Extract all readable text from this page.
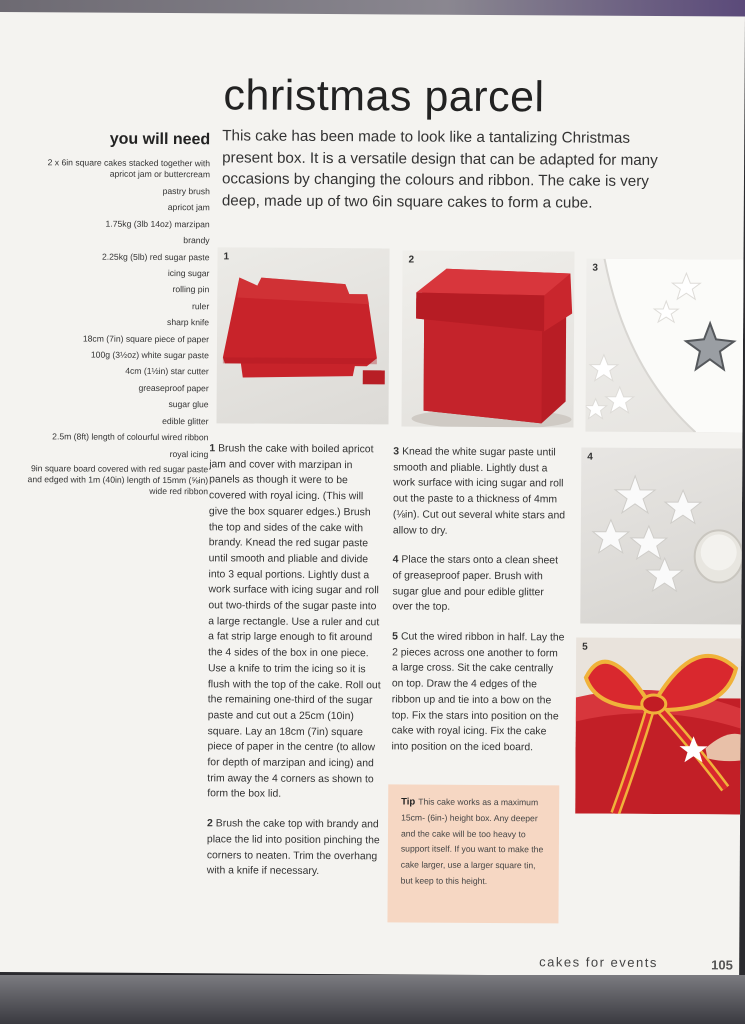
christmas parcel
This cake has been made to look like a tantalizing Christmas present box. It is a versatile design that can be adapted for many occasions by changing the colours and ribbon. The cake is very deep, made up of two 6in square cakes to form a cube.
you will need
2 x 6in square cakes stacked together with apricot jam or buttercream
pastry brush
apricot jam
1.75kg (3lb 14oz) marzipan
brandy
2.25kg (5lb) red sugar paste
icing sugar
rolling pin
ruler
sharp knife
18cm (7in) square piece of paper
100g (3½oz) white sugar paste
4cm (1½in) star cutter
greaseproof paper
sugar glue
edible glitter
2.5m (8ft) length of colourful wired ribbon
royal icing
9in square board covered with red sugar paste and edged with 1m (40in) length of 15mm (⅝in) wide red ribbon
1	2
3
4
5

1 Brush the cake with boiled apricot jam and cover with marzipan in panels as though it were to be covered with royal icing. (This will give the box squarer edges.) Brush the top and sides of the cake with brandy. Knead the red sugar paste until smooth and pliable and divide into 3 equal portions. Lightly dust a work surface with icing sugar and roll out two-thirds of the sugar paste into a large rectangle. Use a ruler and cut a fat strip large enough to fit around the 4 sides of the box in one piece. Use a knife to trim the icing so it is flush with the top of the cake. Roll out the remaining one-third of the sugar paste and cut out a 25cm (10in) square. Lay an 18cm (7in) square piece of paper in the centre (to allow for depth of marzipan and icing) and trim away the 4 corners as shown to form the box lid.

2 Brush the cake top with brandy and place the lid into position pinching the corners to neaten. Trim the overhang with a knife if necessary.

3 Knead the white sugar paste until smooth and pliable. Lightly dust a work surface with icing sugar and roll out the paste to a thickness of 4mm (⅛in). Cut out several white stars and allow to dry.

4 Place the stars onto a clean sheet of greaseproof paper. Brush with sugar glue and pour edible glitter over the top.

5 Cut the wired ribbon in half. Lay the 2 pieces across one another to form a large cross. Sit the cake centrally on top. Draw the 4 edges of the ribbon up and tie into a bow on the top. Fix the stars into position on the cake with royal icing. Fix the cake into position on the iced board.

Tip This cake works as a maximum 15cm- (6in-) height box. Any deeper and the cake will be too heavy to support itself. If you want to make the cake larger, use a larger square tin, but keep to this height.
cakes for events	105
